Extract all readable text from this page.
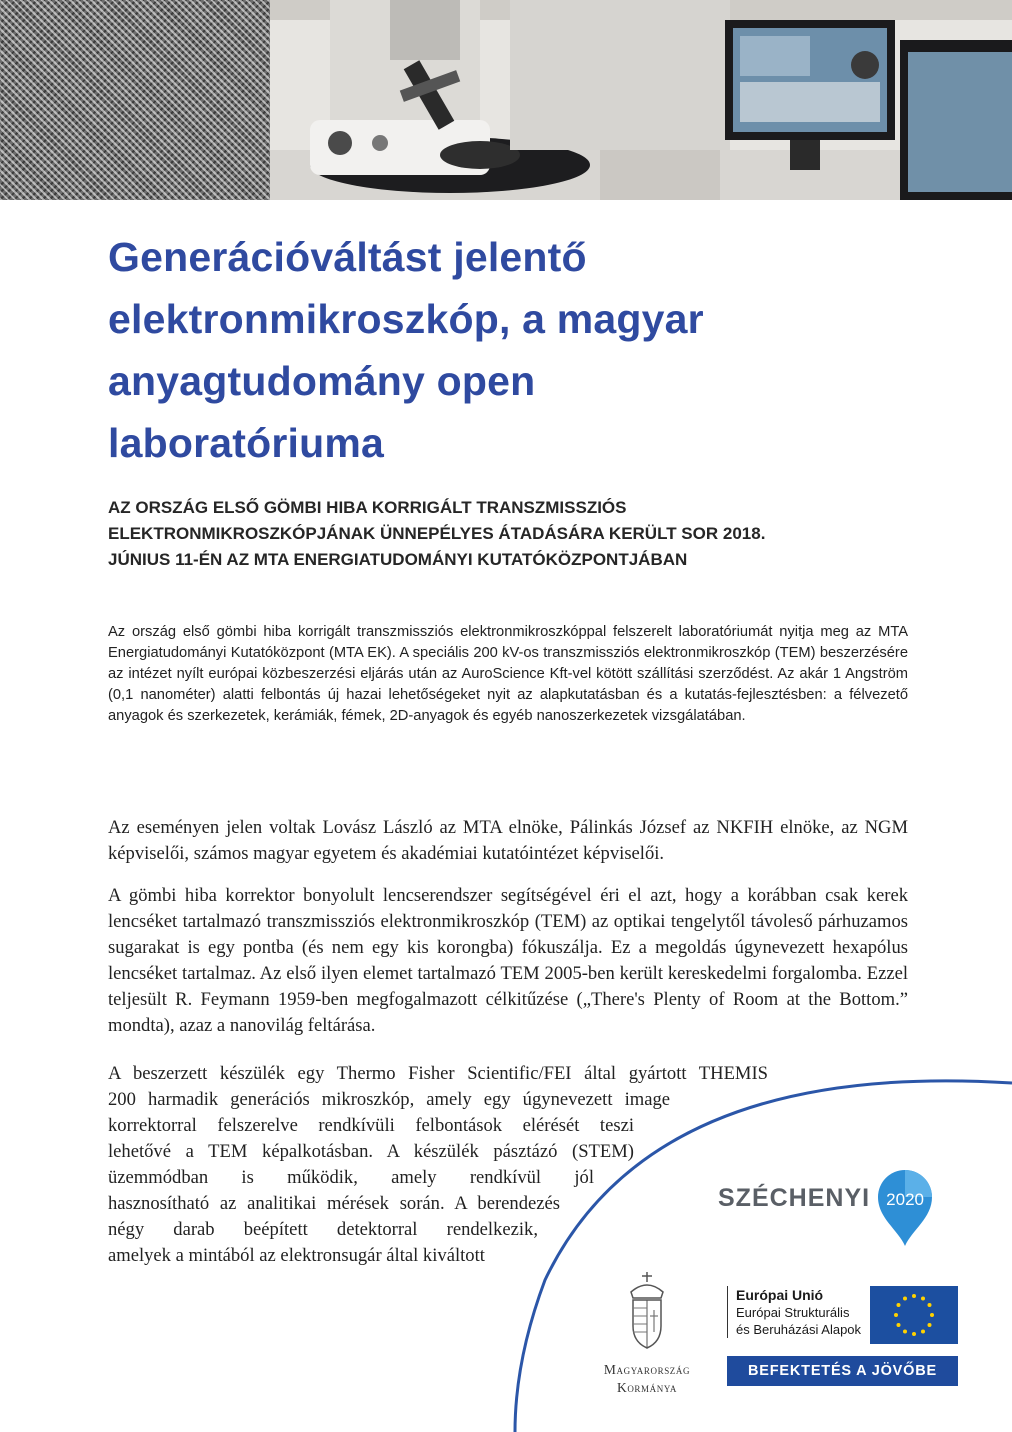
Generációváltást jelentő
elektronmikroszkóp, a magyar
anyagtudomány open
laboratóriuma
AZ ORSZÁG ELSŐ GÖMBI HIBA KORRIGÁLT TRANSZMISSZIÓS
ELEKTRONMIKROSZKÓPJÁNAK ÜNNEPÉLYES ÁTADÁSÁRA KERÜLT SOR 2018.
JÚNIUS 11-ÉN AZ MTA ENERGIATUDOMÁNYI KUTATÓKÖZPONTJÁBAN

Az ország első gömbi hiba korrigált transzmissziós elektronmikroszkóppal felszerelt laboratóriumát nyitja meg az MTA Energiatudományi Kutatóközpont (MTA EK). A speciális 200 kV-os transzmissziós elektronmikroszkóp (TEM) beszerzésére az intézet nyílt európai közbeszerzési eljárás után az AuroScience Kft-vel kötött szállítási szerződést. Az akár 1 Angström (0,1 nanométer) alatti felbontás új hazai lehetőségeket nyit az alapkutatásban és a kutatás-fejlesztésben: a félvezető anyagok és szerkezetek, kerámiák, fémek, 2D-anyagok és egyéb nanoszerkezetek vizsgálatában.

Az eseményen jelen voltak Lovász László az MTA elnöke, Pálinkás József az NKFIH elnöke, az NGM képviselői, számos magyar egyetem és akadémiai kutatóintézet képviselői.

A gömbi hiba korrektor bonyolult lencserendszer segítségével éri el azt, hogy a korábban csak kerek lencséket tartalmazó transzmissziós elektronmikroszkóp (TEM) az optikai tengelytől távoleső párhuzamos sugarakat is egy pontba (és nem egy kis korongba) fókuszálja. Ez a megoldás úgynevezett hexapólus lencséket tartalmaz. Az első ilyen elemet tartalmazó TEM 2005-ben került kereskedelmi forgalomba. Ezzel teljesült R. Feymann 1959-ben megfogalmazott célkitűzése („There's Plenty of Room at the Bottom.” mondta), azaz a nanovilág feltárása.

A beszerzett készülék egy Thermo Fisher Scientific/FEI által gyártott THEMIS
200 harmadik generációs mikroszkóp, amely egy úgynevezett image
korrektorral felszerelve rendkívüli felbontások elérését teszi
lehetővé a TEM képalkotásban. A készülék pásztázó (STEM)
üzemmódban is működik, amely rendkívül jól
hasznosítható az analitikai mérések során. A berendezés
négy darab beépített detektorral rendelkezik,
amelyek a mintából az elektronsugár által kiváltott
SZÉCHENYI 2020
Magyarország
Kormánya
Európai Unió
Európai Strukturális
és Beruházási Alapok
BEFEKTETÉS A JÖVŐBE
